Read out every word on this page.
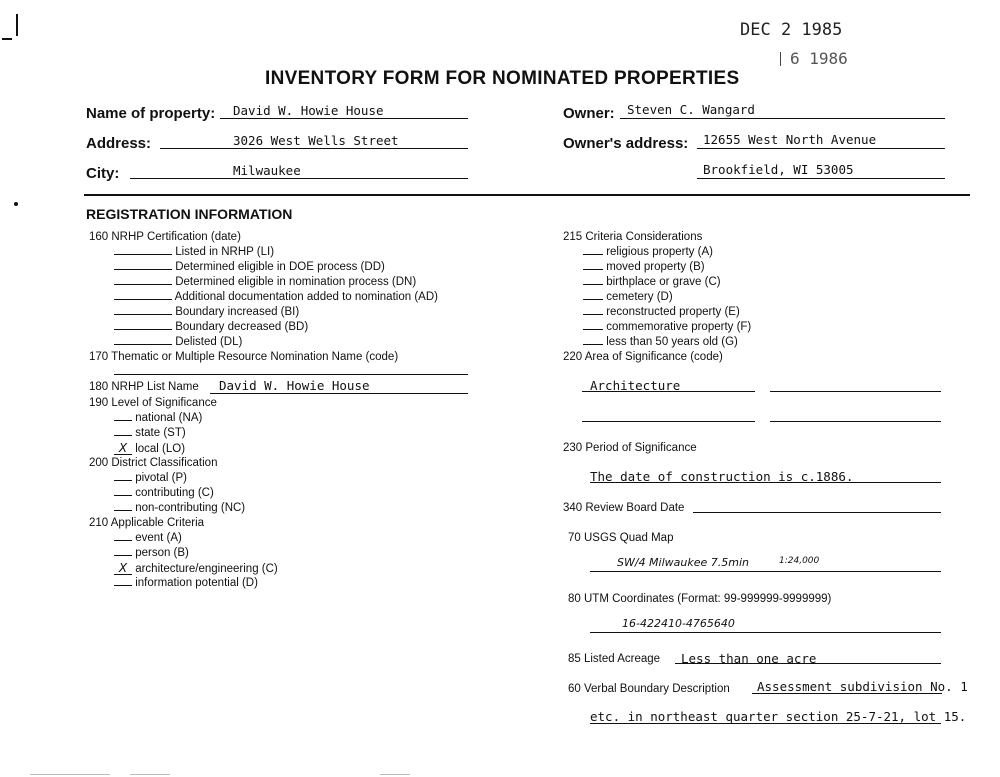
DEC 2 1985
6 1986
INVENTORY FORM FOR NOMINATED PROPERTIES
Name of property: David W. Howie House
Address:	3026 West Wells Street
City:	Milwaukee
Owner: Steven C. Wangard
Owner's address: 12655 West North Avenue
Brookfield, WI 53005
REGISTRATION INFORMATION
160 NRHP Certification (date)
Listed in NRHP (LI)
Determined eligible in DOE process (DD)
Determined eligible in nomination process (DN)
Additional documentation added to nomination (AD)
Boundary increased (BI)
Boundary decreased (BD)
Delisted (DL)
170 Thematic or Multiple Resource Nomination Name (code)
180 NRHP List Name David W. Howie House
190 Level of Significance
national (NA)
state (ST)
X local (LO)
200 District Classification
pivotal (P)
contributing (C)
non-contributing (NC)
210 Applicable Criteria
event (A)
person (B)
X architecture/engineering (C)
information potential (D)
215 Criteria Considerations
religious property (A)
moved property (B)
birthplace or grave (C)
cemetery (D)
reconstructed property (E)
commemorative property (F)
less than 50 years old (G)
220 Area of Significance (code)
Architecture
230 Period of Significance
The date of construction is c.1886.
340 Review Board Date
70 USGS Quad Map
SW/4 Milwaukee 7.5min	1:24,000
80 UTM Coordinates (Format: 99-999999-9999999)
16-422410-4765640
85 Listed Acreage Less than one acre
60 Verbal Boundary Description Assessment subdivision No. 1
etc. in northeast quarter section 25-7-21, lot 15.
